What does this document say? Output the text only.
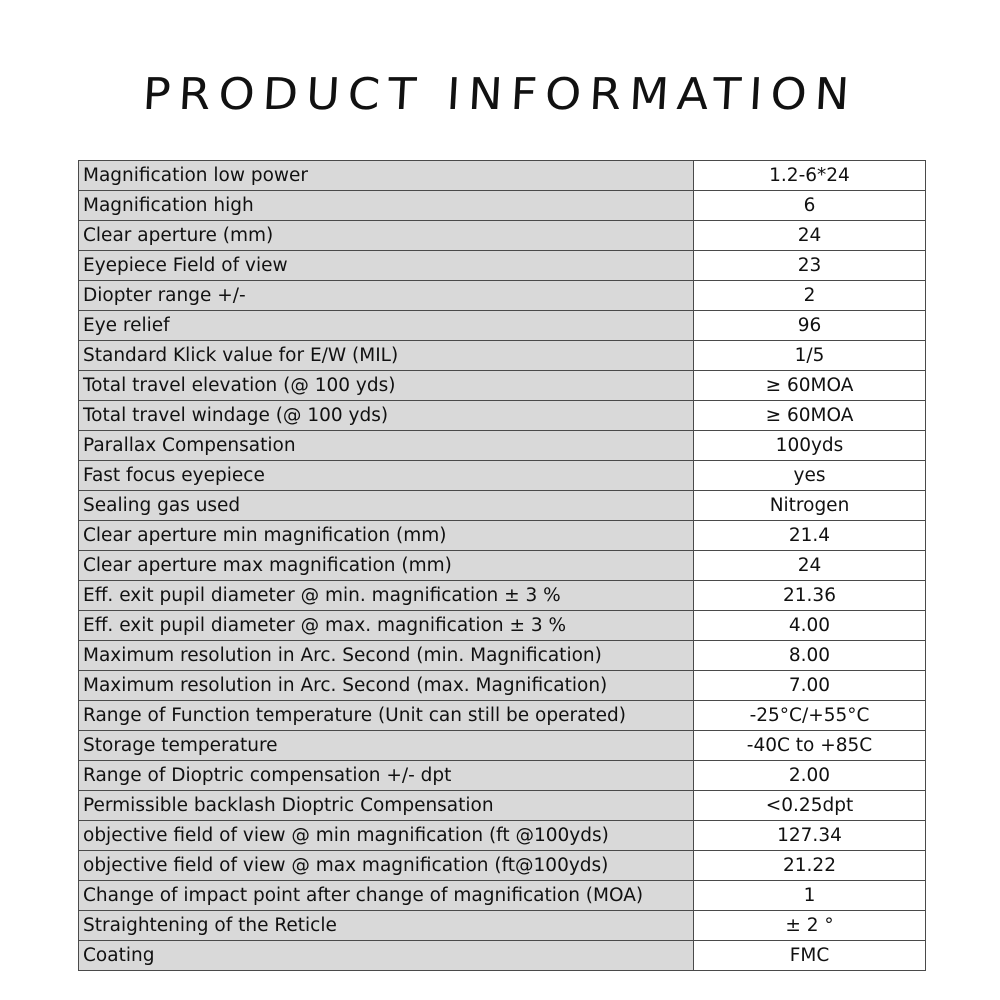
PRODUCT INFORMATION
Magnification low power	1.2-6*24
Magnification high	6
Clear aperture (mm)	24
Eyepiece Field of view	23
Diopter range +/-	2
Eye relief	96
Standard Klick value for E/W (MIL)	1/5
Total travel elevation (@ 100 yds)	≥ 60MOA
Total travel windage (@ 100 yds)	≥ 60MOA
Parallax Compensation	100yds
Fast focus eyepiece	yes
Sealing gas used	Nitrogen
Clear aperture min magnification (mm)	21.4
Clear aperture max magnification (mm)	24
Eff. exit pupil diameter @ min. magnification ± 3 %	21.36
Eff. exit pupil diameter @ max. magnification ± 3 %	4.00
Maximum resolution in Arc. Second (min. Magnification)	8.00
Maximum resolution in Arc. Second (max. Magnification)	7.00
Range of Function temperature (Unit can still be operated)	-25°C/+55°C
Storage temperature	-40C to +85C
Range of Dioptric compensation +/- dpt	2.00
Permissible backlash Dioptric Compensation	<0.25dpt
objective field of view @ min magnification (ft @100yds)	127.34
objective field of view @ max magnification (ft@100yds)	21.22
Change of impact point after change of magnification (MOA)	1
Straightening of the Reticle	± 2 °
Coating	FMC
